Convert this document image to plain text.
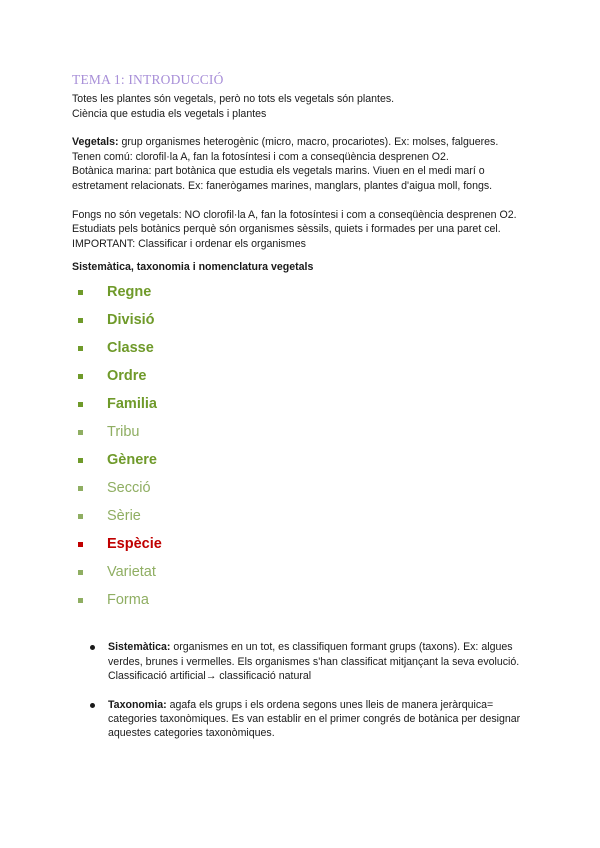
TEMA 1: INTRODUCCIÓ

Totes les plantes són vegetals, però no tots els vegetals són plantes.

Ciència que estudia els vegetals i plantes

Vegetals: grup organismes heterogènic (micro, macro, procariotes). Ex: molses, falgueres.

Tenen comú: clorofil·la A, fan la fotosíntesi i com a conseqüència desprenen O2.

Botànica marina: part botànica que estudia els vegetals marins. Viuen en el medi marí o estretament relacionats. Ex: fanerògames marines, manglars, plantes d'aigua moll, fongs.

Fongs no són vegetals: NO clorofil·la A, fan la fotosíntesi i com a conseqüència desprenen O2. Estudiats pels botànics perquè són organismes sèssils, quiets i formades per una paret cel.

IMPORTANT: Classificar i ordenar els organismes

Sistemàtica, taxonomia i nomenclatura vegetals
Regne
Divisió
Classe
Ordre
Familia
Tribu
Gènere
Secció
Sèrie
Espècie
Varietat
Forma
Sistemàtica: organismes en un tot, es classifiquen formant grups (taxons). Ex: algues verdes, brunes i vermelles. Els organismes s'han classificat mitjançant la seva evolució. Classificació artificial→ classificació natural
Taxonomia: agafa els grups i els ordena segons unes lleis de manera jeràrquica= categories taxonòmiques. Es van establir en el primer congrés de botànica per designar aquestes categories taxonòmiques.
